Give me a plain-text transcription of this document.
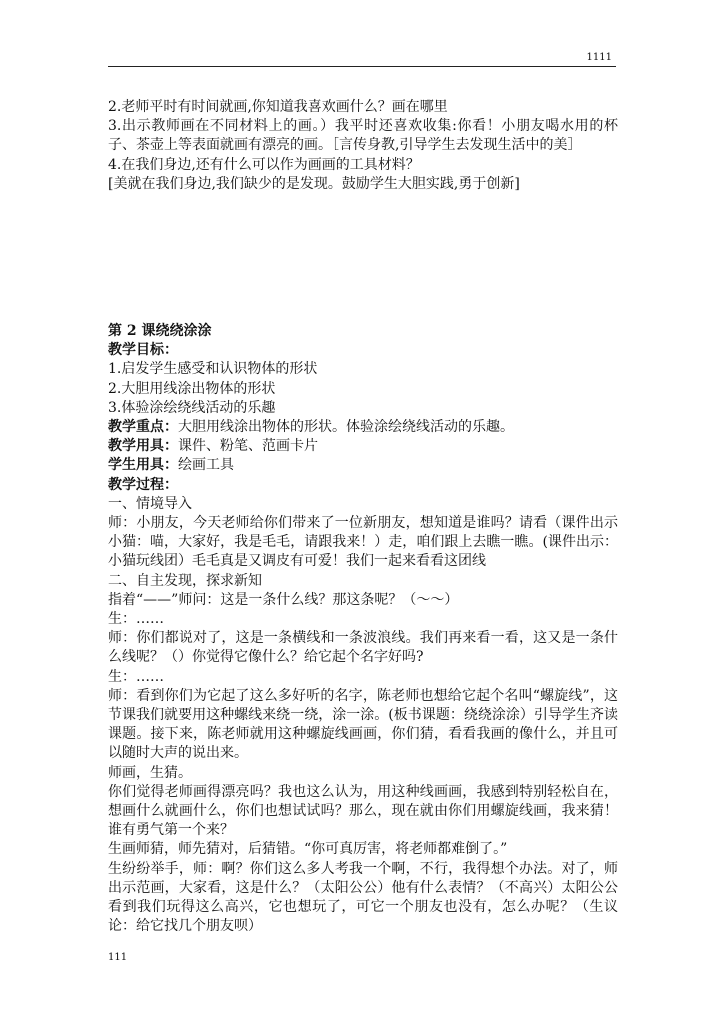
1111

2.老师平时有时间就画,你知道我喜欢画什么？画在哪里

3.出示教师画在不同材料上的画。）我平时还喜欢收集:你看！小朋友喝水用的杯子、茶壶上等表面就画有漂亮的画。［言传身教,引导学生去发现生活中的美］

4.在我们身边,还有什么可以作为画画的工具材料？

[美就在我们身边,我们缺少的是发现。鼓励学生大胆实践,勇于创新]

第 2 课绕绕涂涂

教学目标：

1.启发学生感受和认识物体的形状

2.大胆用线涂出物体的形状

3.体验涂绘绕线活动的乐趣

教学重点：大胆用线涂出物体的形状。体验涂绘绕线活动的乐趣。

教学用具：课件、粉笔、范画卡片

学生用具：绘画工具

教学过程：

一、情境导入

师：小朋友，今天老师给你们带来了一位新朋友，想知道是谁吗？请看（课件出示小猫：喵，大家好，我是毛毛，请跟我来！）走，咱们跟上去瞧一瞧。(课件出示：小猫玩线团）毛毛真是又调皮有可爱！我们一起来看看这团线

二、自主发现，探求新知

指着“——”师问：这是一条什么线？那这条呢？（～～）

生：……

师：你们都说对了，这是一条横线和一条波浪线。我们再来看一看，这又是一条什么线呢？（）你觉得它像什么？给它起个名字好吗?

生：……

师：看到你们为它起了这么多好听的名字，陈老师也想给它起个名叫“螺旋线”，这节课我们就要用这种螺线来绕一绕，涂一涂。(板书课题：绕绕涂涂）引导学生齐读课题。接下来，陈老师就用这种螺旋线画画，你们猜，看看我画的像什么，并且可以随时大声的说出来。

师画，生猜。

你们觉得老师画得漂亮吗？我也这么认为，用这种线画画，我感到特别轻松自在，想画什么就画什么，你们也想试试吗？那么，现在就由你们用螺旋线画，我来猜！谁有勇气第一个来？

生画师猜，师先猜对，后猜错。“你可真厉害，将老师都难倒了。”

生纷纷举手，师：啊？你们这么多人考我一个啊，不行，我得想个办法。对了，师出示范画，大家看，这是什么？（太阳公公）他有什么表情？（不高兴）太阳公公看到我们玩得这么高兴，它也想玩了，可它一个朋友也没有，怎么办呢？（生议论：给它找几个朋友呗）

111
